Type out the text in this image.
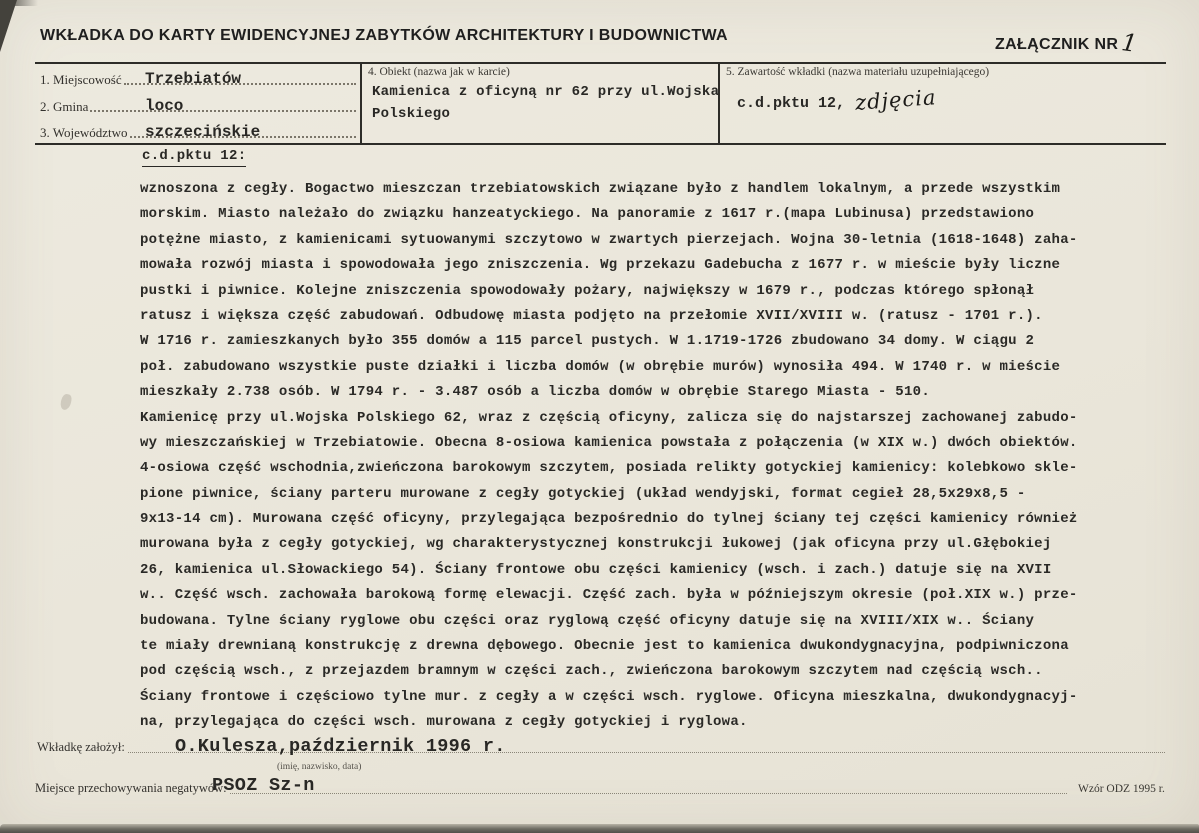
WKŁADKA DO KARTY EWIDENCYJNEJ ZABYTKÓW ARCHITEKTURY I BUDOWNICTWA
ZAŁĄCZNIK NR1
1. Miejscowość Trzebiatów
2. Gmina	loco
3. Województwo szczecińskie
4. Obiekt (nazwa jak w karcie)
Kamienica z oficyną nr 62 przy ul.Wojska
Polskiego
5. Zawartość wkładki (nazwa materiału uzupełniającego)
c.d.pktu 12, zdjęcia
c.d.pktu 12:
wznoszona z cegły. Bogactwo mieszczan trzebiatowskich związane było z handlem lokalnym, a przede wszystkim
morskim. Miasto należało do związku hanzeatyckiego. Na panoramie z 1617 r.(mapa Lubinusa) przedstawiono
potężne miasto, z kamienicami sytuowanymi szczytowo w zwartych pierzejach. Wojna 30-letnia (1618-1648) zaha-
mowała rozwój miasta i spowodowała jego zniszczenia. Wg przekazu Gadebucha z 1677 r. w mieście były liczne
pustki i piwnice. Kolejne zniszczenia spowodowały pożary, największy w 1679 r., podczas którego spłonął
ratusz i większa część zabudowań. Odbudowę miasta podjęto na przełomie XVII/XVIII w. (ratusz - 1701 r.).
W 1716 r. zamieszkanych było 355 domów a 115 parcel pustych. W 1.1719-1726 zbudowano 34 domy. W ciągu 2
poł. zabudowano wszystkie puste działki i liczba domów (w obrębie murów) wynosiła 494. W 1740 r. w mieście
mieszkały 2.738 osób. W 1794 r. - 3.487 osób a liczba domów w obrębie Starego Miasta - 510.
Kamienicę przy ul.Wojska Polskiego 62, wraz z częścią oficyny, zalicza się do najstarszej zachowanej zabudo-
wy mieszczańskiej w Trzebiatowie. Obecna 8-osiowa kamienica powstała z połączenia (w XIX w.) dwóch obiektów.
4-osiowa część wschodnia,zwieńczona barokowym szczytem, posiada relikty gotyckiej kamienicy: kolebkowo skle-
pione piwnice, ściany parteru murowane z cegły gotyckiej (układ wendyjski, format cegieł 28,5x29x8,5 -
9x13-14 cm). Murowana część oficyny, przylegająca bezpośrednio do tylnej ściany tej części kamienicy również
murowana była z cegły gotyckiej, wg charakterystycznej konstrukcji łukowej (jak oficyna przy ul.Głębokiej
26, kamienica ul.Słowackiego 54). Ściany frontowe obu części kamienicy (wsch. i zach.) datuje się na XVII
w.. Część wsch. zachowała barokową formę elewacji. Część zach. była w późniejszym okresie (poł.XIX w.) prze-
budowana. Tylne ściany ryglowe obu części oraz ryglową część oficyny datuje się na XVIII/XIX w.. Ściany
te miały drewnianą konstrukcję z drewna dębowego. Obecnie jest to kamienica dwukondygnacyjna, podpiwniczona
pod częścią wsch., z przejazdem bramnym w części zach., zwieńczona barokowym szczytem nad częścią wsch..
Ściany frontowe i częściowo tylne mur. z cegły a w części wsch. ryglowe. Oficyna mieszkalna, dwukondygnacyj-
na, przylegająca do części wsch. murowana z cegły gotyckiej i ryglowa.
Wkładkę założył:	O.Kulesza,październik 1996 r.
(imię, nazwisko, data)
Miejsce przechowywania negatywów:
PSOZ Sz-n	Wzór ODZ 1995 r.
